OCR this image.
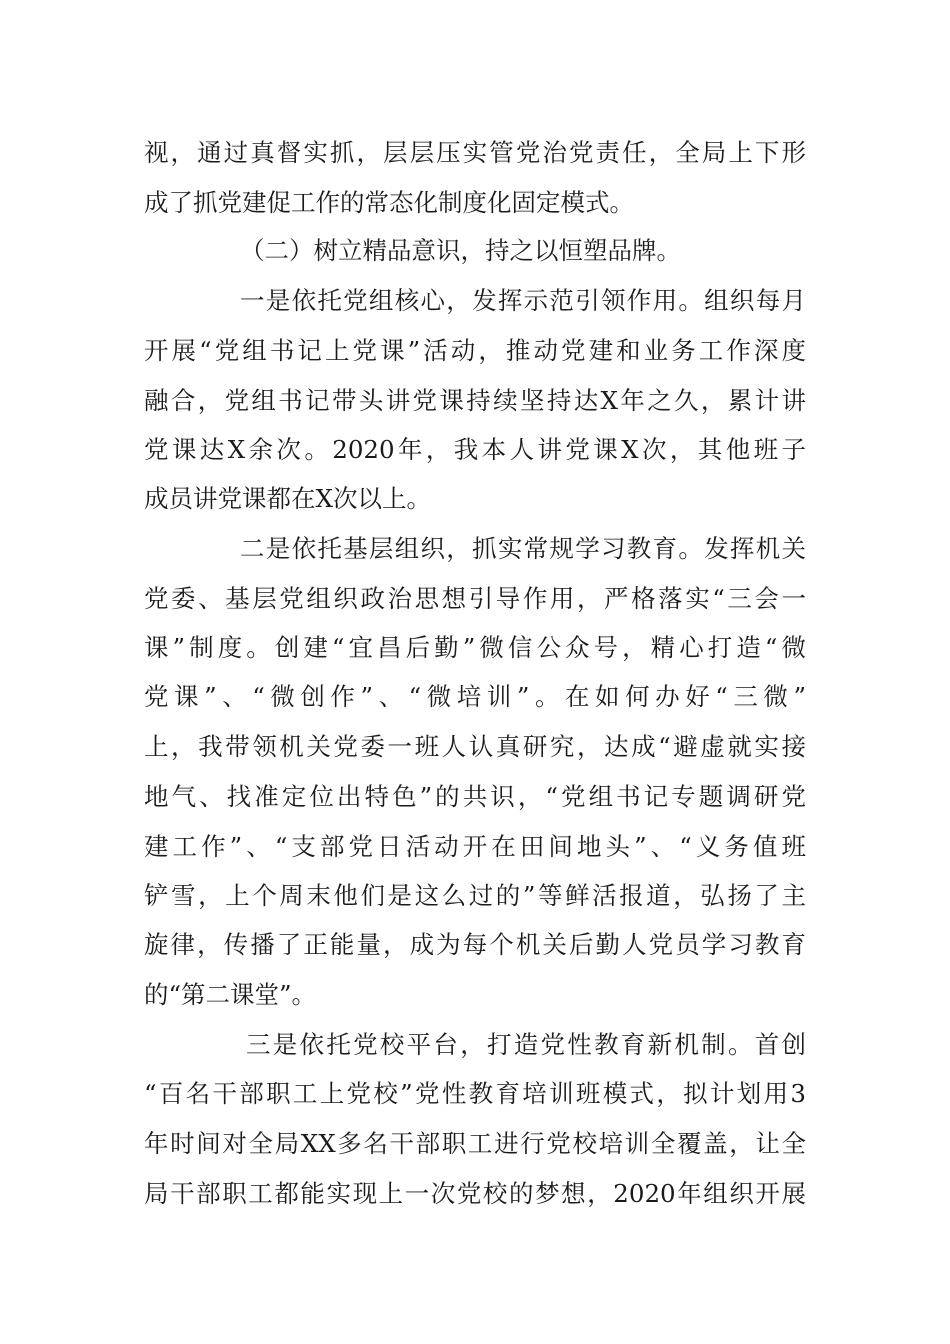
视，通过真督实抓，层层压实管党治党责任，全局上下形
成了抓党建促工作的常态化制度化固定模式。
（二）树立精品意识，持之以恒塑品牌。
一是依托党组核心，发挥示范引领作用。组织每月
开展“党组书记上党课”活动，推动党建和业务工作深度
融合，党组书记带头讲党课持续坚持达X年之久，累计讲
党课达X余次。2020年，我本人讲党课X次，其他班子
成员讲党课都在X次以上。
二是依托基层组织，抓实常规学习教育。发挥机关
党委、基层党组织政治思想引导作用，严格落实“三会一
课”制度。创建“宜昌后勤”微信公众号，精心打造“微
党课”、“微创作”、“微培训”。在如何办好“三微”
上，我带领机关党委一班人认真研究，达成“避虚就实接
地气、找准定位出特色”的共识，“党组书记专题调研党
建工作”、“支部党日活动开在田间地头”、“义务值班
铲雪，上个周末他们是这么过的”等鲜活报道，弘扬了主
旋律，传播了正能量，成为每个机关后勤人党员学习教育
的“第二课堂”。
三是依托党校平台，打造党性教育新机制。首创
“百名干部职工上党校”党性教育培训班模式，拟计划用3
年时间对全局XX多名干部职工进行党校培训全覆盖，让全
局干部职工都能实现上一次党校的梦想，2020年组织开展
